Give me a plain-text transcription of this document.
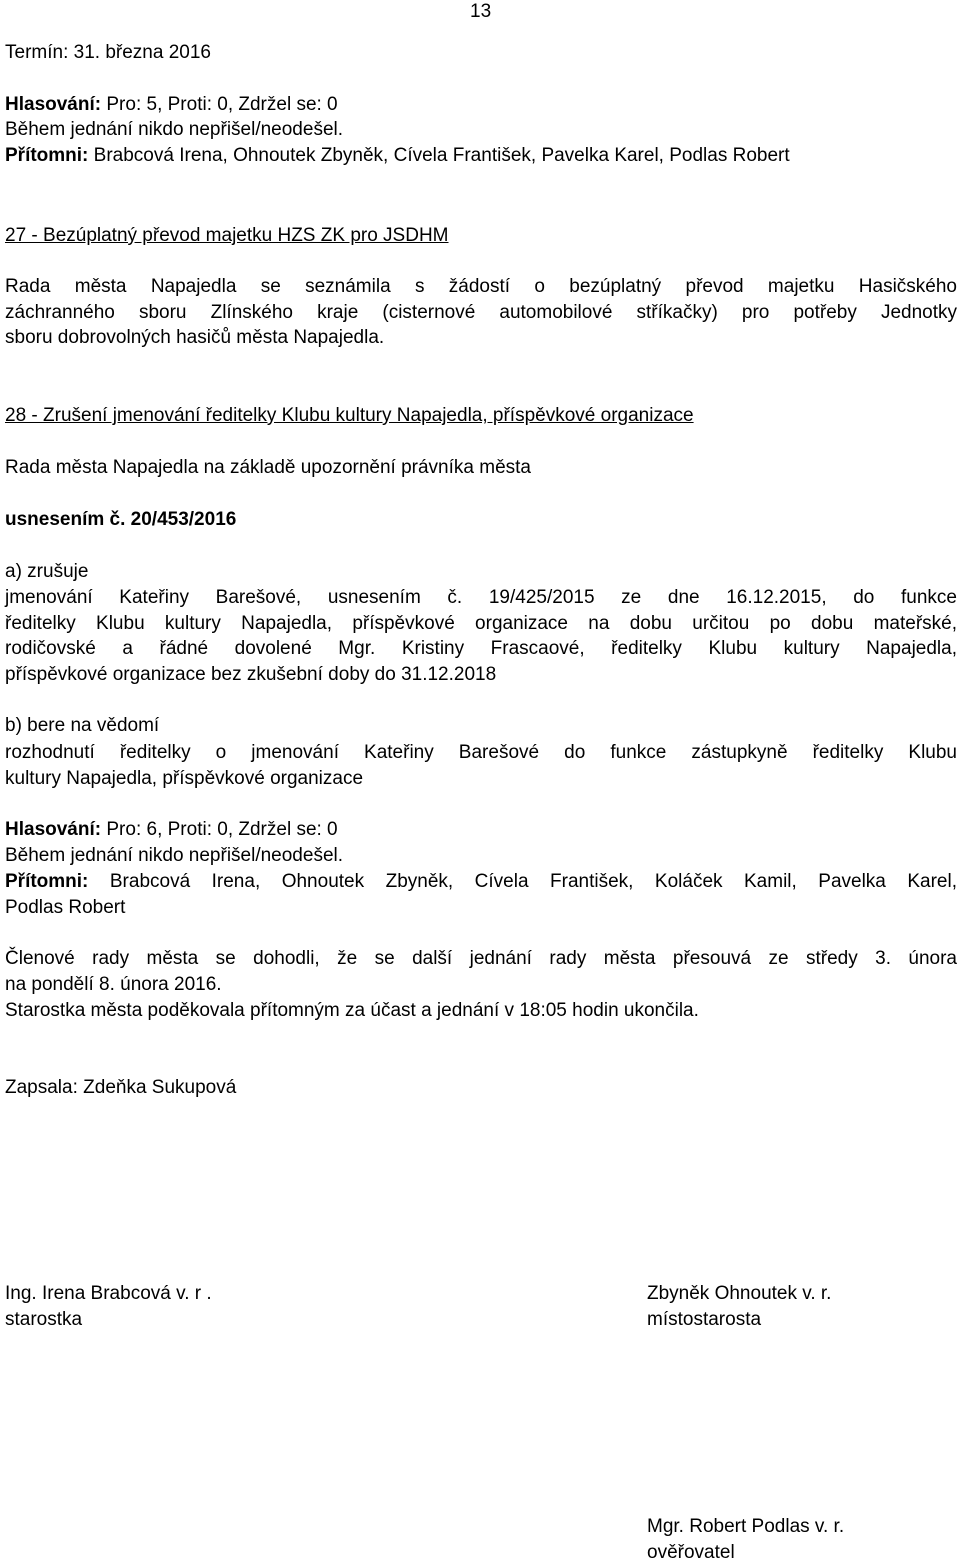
13
Termín: 31. března 2016
Hlasování: Pro: 5, Proti: 0, Zdržel se: 0
Během jednání nikdo nepřišel/neodešel.
Přítomni: Brabcová Irena, Ohnoutek Zbyněk, Cívela František, Pavelka Karel, Podlas Robert
27 - Bezúplatný převod majetku HZS ZK pro JSDHM
Rada města Napajedla se seznámila s žádostí o bezúplatný převod majetku Hasičského
záchranného sboru Zlínského kraje (cisternové automobilové stříkačky) pro potřeby Jednotky
sboru dobrovolných hasičů města Napajedla.
28 - Zrušení jmenování ředitelky Klubu kultury Napajedla, příspěvkové organizace
Rada města Napajedla na základě upozornění právníka města
usnesením č. 20/453/2016
a) zrušuje
jmenování Kateřiny Barešové, usnesením č. 19/425/2015 ze dne 16.12.2015, do funkce
ředitelky Klubu kultury Napajedla, příspěvkové organizace na dobu určitou po dobu mateřské,
rodičovské a řádné dovolené Mgr. Kristiny Frascaové, ředitelky Klubu kultury Napajedla,
příspěvkové organizace bez zkušební doby do 31.12.2018
b) bere na vědomí
rozhodnutí ředitelky o jmenování Kateřiny Barešové do funkce zástupkyně ředitelky Klubu
kultury Napajedla, příspěvkové organizace
Hlasování: Pro: 6, Proti: 0, Zdržel se: 0
Během jednání nikdo nepřišel/neodešel.
Přítomni: Brabcová Irena, Ohnoutek Zbyněk, Cívela František, Koláček Kamil, Pavelka Karel,
Podlas Robert
Členové rady města se dohodli, že se další jednání rady města přesouvá ze středy 3. února
na pondělí 8. února 2016.
Starostka města poděkovala přítomným za účast a jednání v 18:05 hodin ukončila.
Zapsala: Zdeňka Sukupová
Ing. Irena Brabcová v. r .
starostka
Zbyněk Ohnoutek v. r.
místostarosta
Mgr. Robert Podlas v. r.
ověřovatel
